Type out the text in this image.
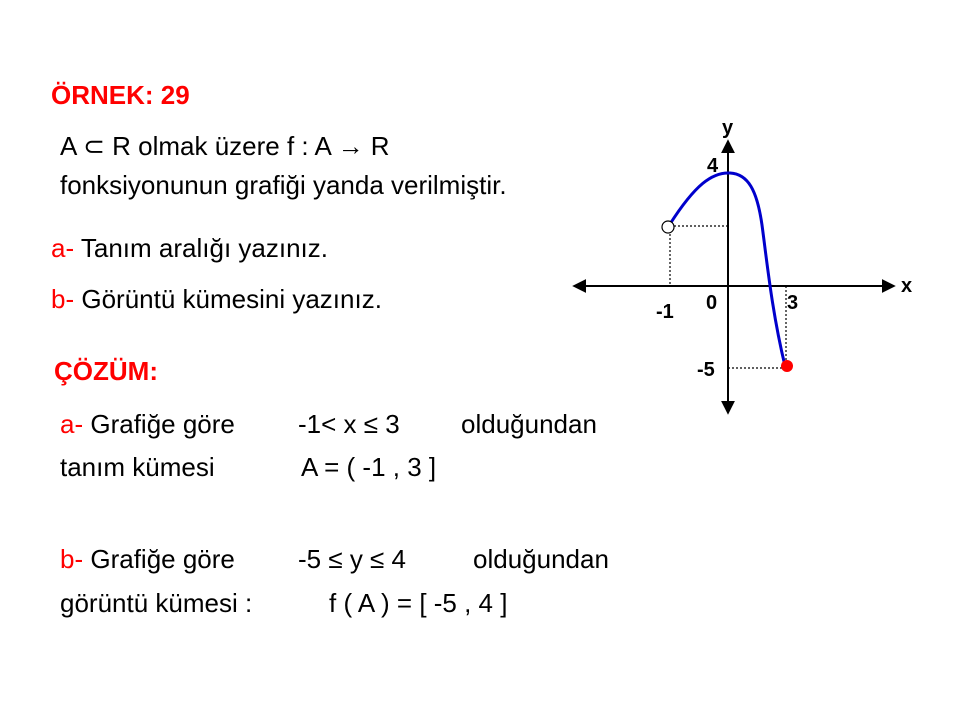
ÖRNEK: 29
A ⊂ R olmak üzere f : A → R
fonksiyonunun grafiği yanda verilmiştir.
a- Tanım aralığı yazınız.
b- Görüntü kümesini yazınız.
ÇÖZÜM:
a- Grafiğe göre -1< x ≤ 3 olduğundan
tanım kümesi	A = ( -1 , 3 ]
b- Grafiğe göre -5 ≤ y ≤ 4	olduğundan
görüntü kümesi :	f ( A ) = [ -5 , 4 ]
y
x
4
0	3
-1
-5
